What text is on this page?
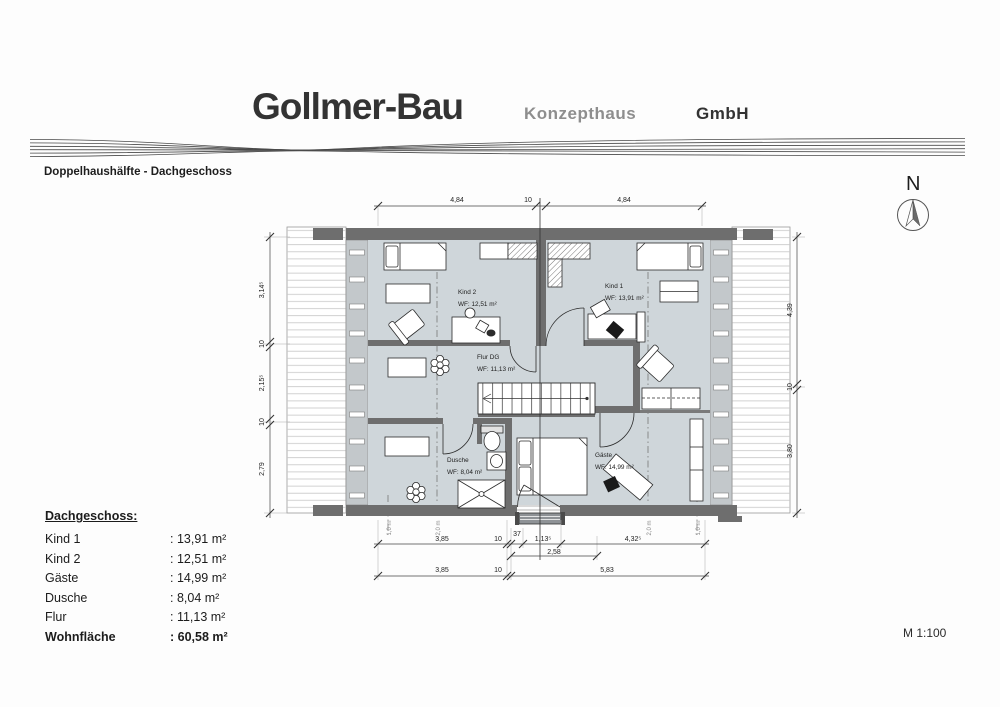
Gollmer-Bau	Konzepthaus	GmbH
Doppelhaushälfte - Dachgeschoss
M 1:100
Dachgeschoss:
Kind 1	: 13,91 m²
Kind 2	: 12,51 m²
Gäste	: 14,99 m²
Dusche	: 8,04 m²
Flur	: 11,13 m²
Wohnfläche	: 60,58 m²
N
Kind 2
WF: 12,51 m²
Kind 1
WF: 13,91 m²
Flur DG
WF: 11,13 m²
Dusche
WF: 8,04 m²
Gäste
WF: 14,99 m²
4,84	10	4,84
3,14⁵
10
2,15⁵
10
2,79
4,39
10
3,80
3,85	10
37
1,13⁵	4,32⁵
2,58
3,85	10	5,83
1,0 m	2,0 m	2,0 m	1,0 m
